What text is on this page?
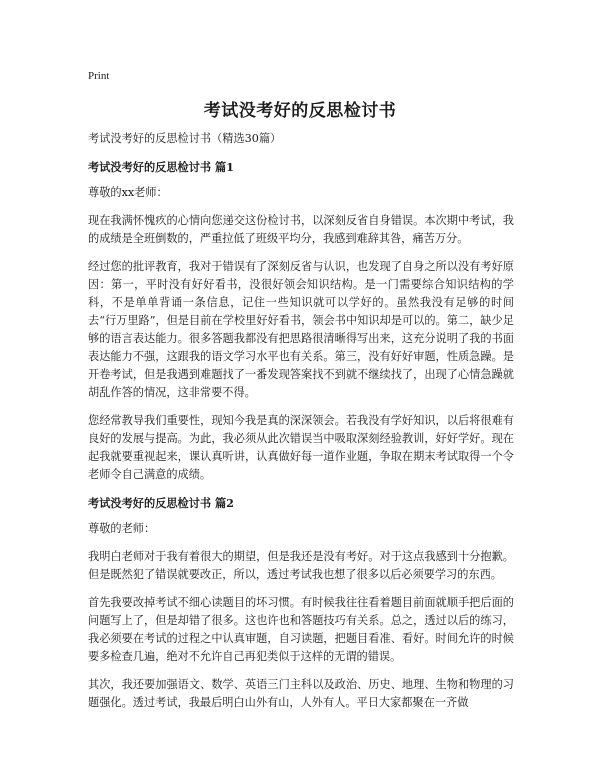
Print
考试没考好的反思检讨书
考试没考好的反思检讨书（精选30篇）
考试没考好的反思检讨书 篇1
尊敬的xx老师：
现在我满怀愧疚的心情向您递交这份检讨书，以深刻反省自身错误。本次期中考试，我的成绩是全班倒数的，严重拉低了班级平均分，我感到难辞其咎，痛苦万分。
经过您的批评教育，我对于错误有了深刻反省与认识，也发现了自身之所以没有考好原因：第一，平时没有好好看书，没很好领会知识结构。是一门需要综合知识结构的学科，不是单单背诵一条信息，记住一些知识就可以学好的。虽然我没有足够的时间去“行万里路”，但是目前在学校里好好看书，领会书中知识却是可以的。第二，缺少足够的语言表达能力。很多答题我都没有把思路很清晰得写出来，这充分说明了我的书面表达能力不强，这跟我的语文学习水平也有关系。第三，没有好好审题，性质急躁。是开卷考试，但是我遇到难题找了一番发现答案找不到就不继续找了，出现了心情急躁就胡乱作答的情况，这非常要不得。
您经常教导我们重要性，现知今我是真的深深领会。若我没有学好知识，以后将很难有良好的发展与提高。为此，我必须从此次错误当中吸取深刻经验教训，好好学好。现在起我就要重视起来，课认真听讲，认真做好每一道作业题，争取在期末考试取得一个令老师令自己满意的成绩。
考试没考好的反思检讨书 篇2
尊敬的老师：
我明白老师对于我有着很大的期望，但是我还是没有考好。对于这点我感到十分抱歉。但是既然犯了错误就要改正，所以，透过考试我也想了很多以后必须要学习的东西。
首先我要改掉考试不细心读题目的坏习惯。有时候我往往看着题目前面就顺手把后面的问题写上了，但是却错了很多。这也许也和答题技巧有关系。总之，透过以后的练习，我必须要在考试的过程之中认真审题，自习读题，把题目看准、看好。时间允许的时候要多检查几遍，绝对不允许自己再犯类似于这样的无谓的错误。
其次，我还要加强语文、数学、英语三门主科以及政治、历史、地理、生物和物理的习题强化。透过考试，我最后明白山外有山，人外有人。平日大家都聚在一齐做
